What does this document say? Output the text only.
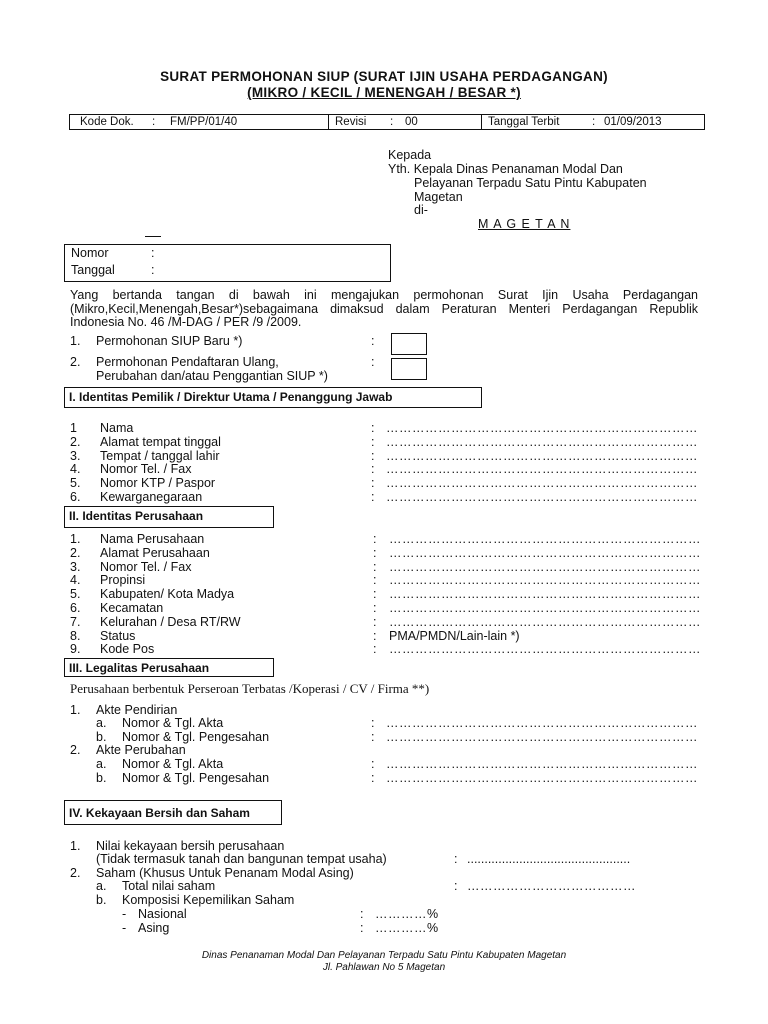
SURAT PERMOHONAN SIUP (SURAT IJIN USAHA PERDAGANGAN)
(MIKRO / KECIL / MENENGAH / BESAR *)
Kode Dok. : FM/PP/01/40	Revisi : 00	Tanggal Terbit	: 01/09/2013
Kepada
Yth. Kepala Dinas Penanaman Modal Dan
Pelayanan Terpadu Satu Pintu Kabupaten
Magetan
di-
M A G E T A N
Nomor	:
Tanggal	:
Yang bertanda tangan di bawah ini mengajukan permohonan Surat Ijin Usaha Perdagangan (Mikro,Kecil,Menengah,Besar*)sebagaimana dimaksud dalam Peraturan Menteri Perdagangan Republik Indonesia No. 46 /M-DAG / PER /9 /2009.
1. Permohonan SIUP Baru *)	:
2. Permohonan Pendaftaran Ulang,
Perubahan dan/atau Penggantian SIUP *)
:
I. Identitas Pemilik / Direktur Utama / Penanggung Jawab
1 Nama	: ………………………………………………………………
2. Alamat tempat tinggal	: ………………………………………………………………
3. Tempat / tanggal lahir	: ………………………………………………………………
4. Nomor Tel. / Fax	: ………………………………………………………………
5. Nomor KTP / Paspor	: ………………………………………………………………
6. Kewarganegaraan	: ………………………………………………………………
II. Identitas Perusahaan
1. Nama Perusahaan	: ………………………………………………………………
2. Alamat Perusahaan	: ………………………………………………………………
3. Nomor Tel. / Fax	: ………………………………………………………………
4. Propinsi	: ………………………………………………………………
5. Kabupaten/ Kota Madya	: ………………………………………………………………
6. Kecamatan	: ………………………………………………………………
7. Kelurahan / Desa RT/RW	: ………………………………………………………………
8. Status	: PMA/PMDN/Lain-lain *)
9. Kode Pos	: ………………………………………………………………
III. Legalitas Perusahaan
Perusahaan berbentuk Perseroan Terbatas /Koperasi / CV / Firma **)
1. Akte Pendirian
a. Nomor & Tgl. Akta	: ………………………………………………………………
b. Nomor & Tgl. Pengesahan	: ………………………………………………………………
2. Akte Perubahan
a. Nomor & Tgl. Akta	: ………………………………………………………………
b. Nomor & Tgl. Pengesahan	: ………………………………………………………………
IV. Kekayaan Bersih dan Saham
1. Nilai kekayaan bersih perusahaan
(Tidak termasuk tanah dan bangunan tempat usaha)	: ...............................................
2. Saham (Khusus Untuk Penanam Modal Asing)
a. Total nilai saham	: …………………………………
b. Komposisi Kepemilikan Saham
- Nasional	: …………%
- Asing	: …………%
Dinas Penanaman Modal Dan Pelayanan Terpadu Satu Pintu Kabupaten Magetan
Jl. Pahlawan No 5 Magetan
